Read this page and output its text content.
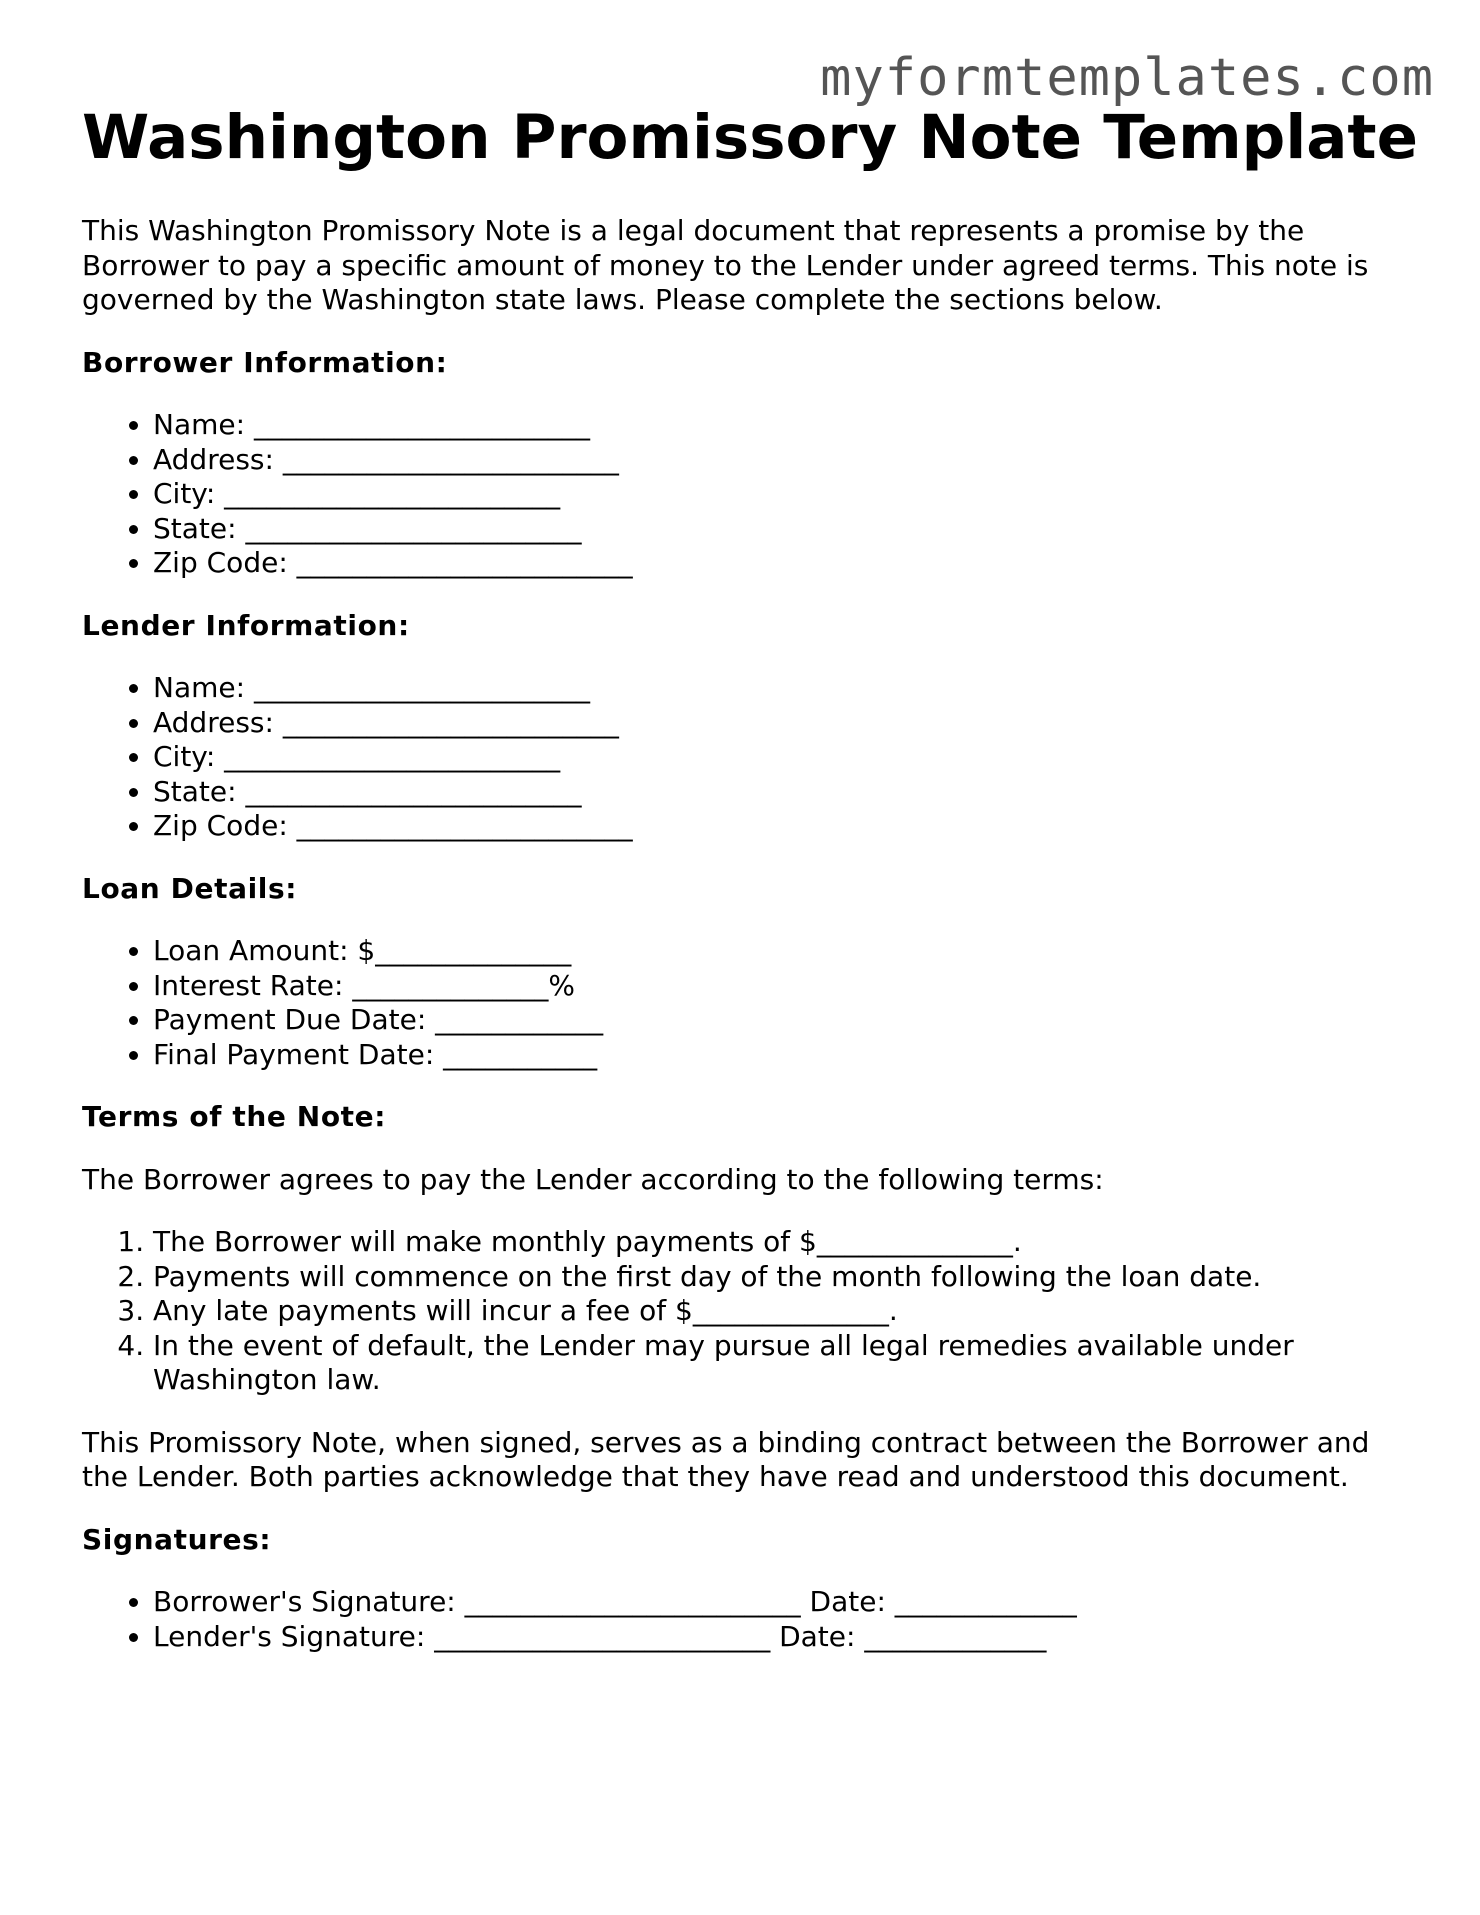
myformtemplates.com
Washington Promissory Note Template

This Washington Promissory Note is a legal document that represents a promise by the Borrower to pay a specific amount of money to the Lender under agreed terms. This note is governed by the Washington state laws. Please complete the sections below.

Borrower Information:
• Name: ________________________
• Address: ________________________
• City: ________________________
• State: ________________________
• Zip Code: ________________________
Lender Information:
• Name: ________________________
• Address: ________________________
• City: ________________________
• State: ________________________
• Zip Code: ________________________
Loan Details:
• Loan Amount: $______________
• Interest Rate: ______________%
• Payment Due Date: ____________
• Final Payment Date: ___________
Terms of the Note:

The Borrower agrees to pay the Lender according to the following terms:

1. The Borrower will make monthly payments of $______________.
2. Payments will commence on the first day of the month following the loan date.
3. Any late payments will incur a fee of $______________.
4. In the event of default, the Lender may pursue all legal remedies available under Washington law.

This Promissory Note, when signed, serves as a binding contract between the Borrower and the Lender. Both parties acknowledge that they have read and understood this document.

Signatures:
• Borrower's Signature: ________________________ Date: _____________
• Lender's Signature: ________________________ Date: _____________
